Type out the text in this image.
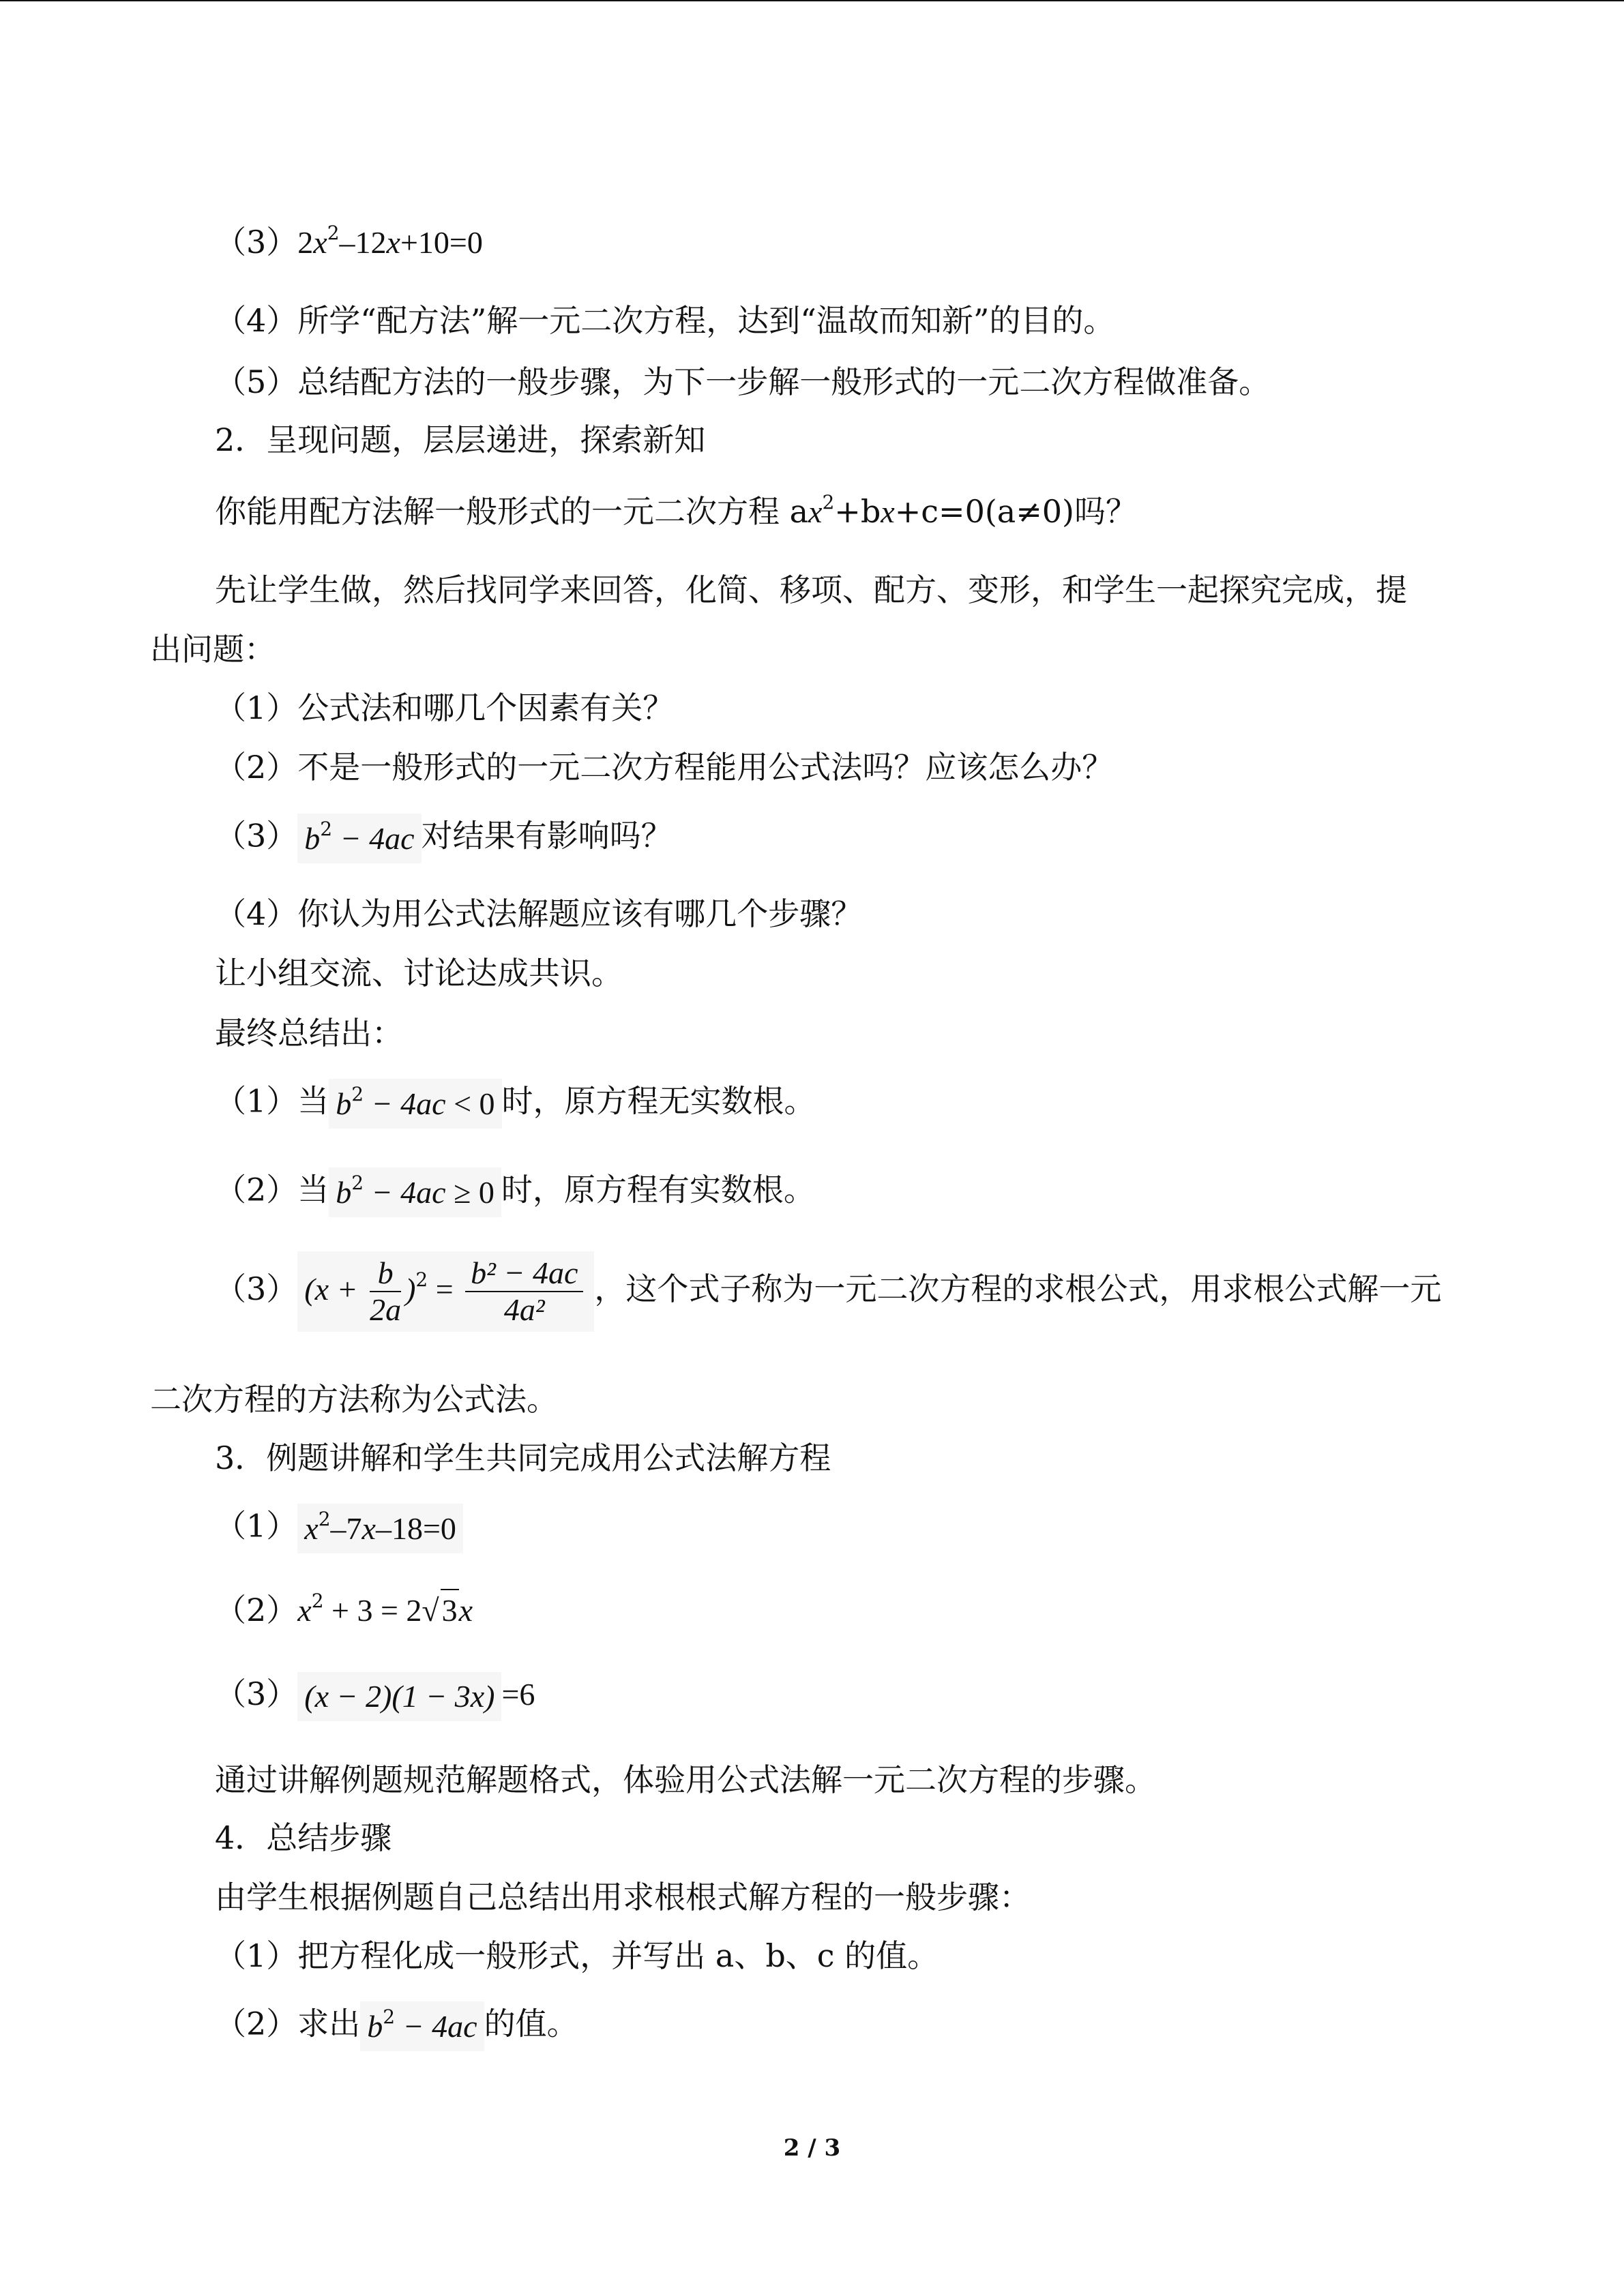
$(3)2x^2-12x+10=0$
（4）所学“配方法”解一元二次方程，达到“温故而知新”的目的。
（5）总结配方法的一般步骤，为下一步解一般形式的一元二次方程做准备。
2．呈现问题，层层递进，探索新知
你能用配方法解一般形式的一元二次方程 $ax^2+bx+c=0(a\ne 0)$吗？
先让学生做，然后找同学来回答，化简、移项、配方、变形，和学生一起探究完成，提
出问题：
（1）公式法和哪几个因素有关？
（2）不是一般形式的一元二次方程能用公式法吗？应该怎么办？
（3） $b^2 - 4ac$ 对结果有影响吗？
（4）你认为用公式法解题应该有哪几个步骤？
让小组交流、讨论达成共识。
最终总结出：
（1）当 $b^2 - 4ac < 0$ 时，原方程无实数根。
（2）当 $b^2 - 4ac \ge 0$ 时，原方程有实数根。
（3） $(x + \frac{b}{2a} )^2 = \frac{\text{b² − 4ac}}{\text{4a²}}$ ，这个式子称为一元二次方程的求根公式，用求根公式解一元
二次方程的方法称为公式法。
3．例题讲解和学生共同完成用公式法解方程
（1） $x^2-7x-18=0$
$(2)x^2 + 3 = 2√3x$
（3） (x − 2)(1 − 3x) =6
通过讲解例题规范解题格式，体验用公式法解一元二次方程的步骤。
4．总结步骤
由学生根据例题自己总结出用求根根式解方程的一般步骤：
（1）把方程化成一般形式，并写出 a、b、c 的值。
（2）求出 $b^2 - 4ac$ 的值。
2 / 3
